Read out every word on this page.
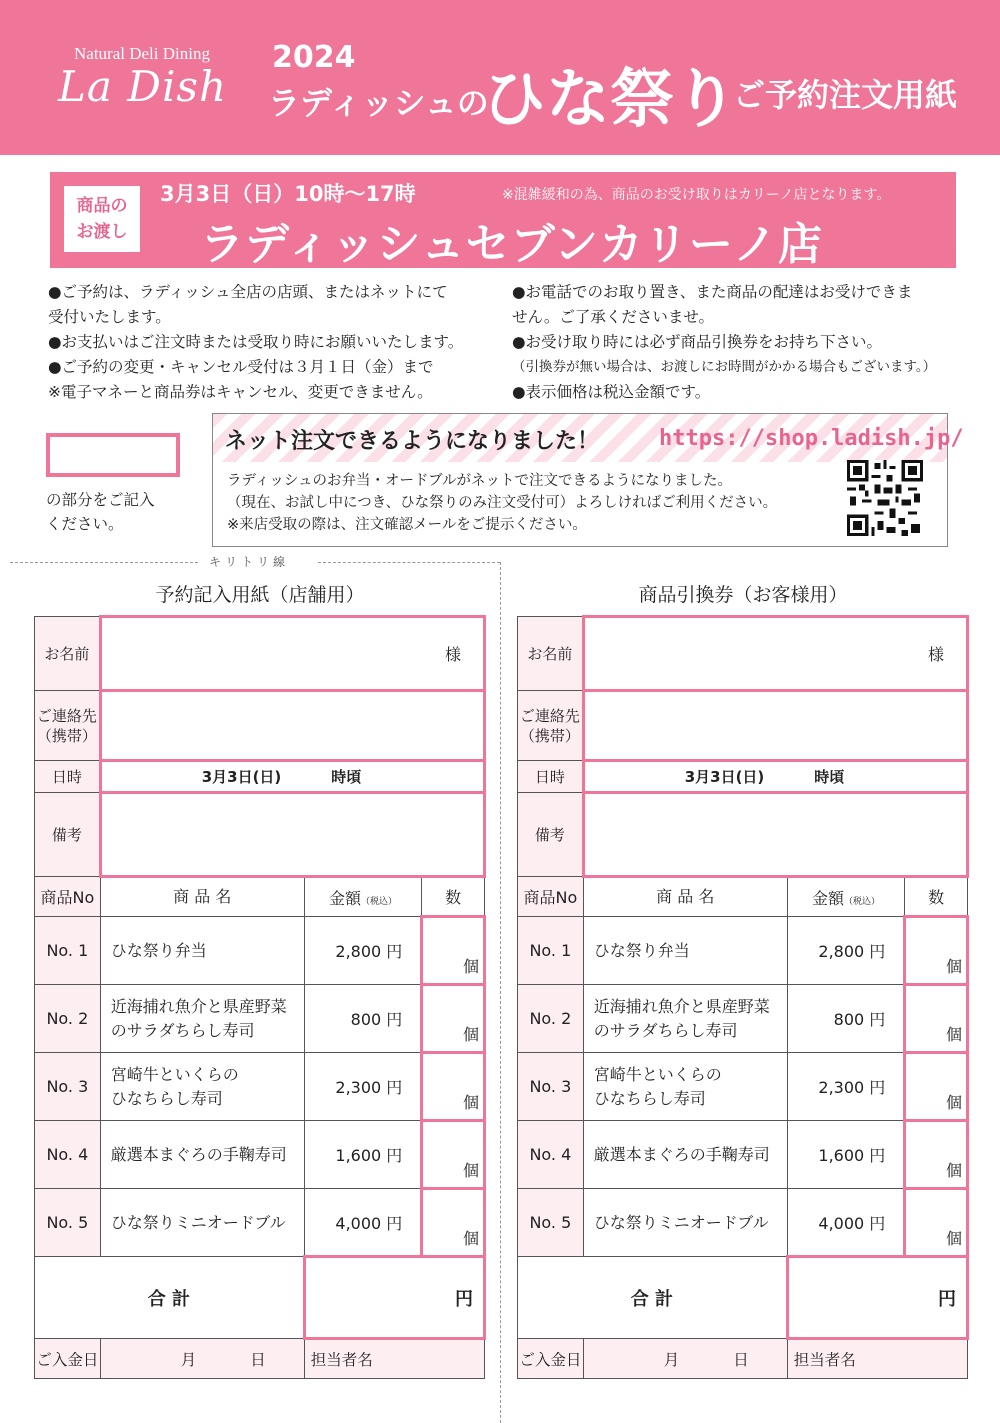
Natural Deli Dining
La Dish
2024
ラディッシュの
ひな祭り
ご予約注文用紙
商品の
お渡し
3月3日（日）10時～17時	※混雑緩和の為、商品のお受け取りはカリーノ店となります。
ラディッシュセブンカリーノ店
●ご予約は、ラディッシュ全店の店頭、またはネットにて
受付いたします。
●お支払いはご注文時または受取り時にお願いいたします。
●ご予約の変更・キャンセル受付は３月１日（金）まで
※電子マネーと商品券はキャンセル、変更できません。
●お電話でのお取り置き、また商品の配達はお受けできま
せん。ご了承くださいませ。
●お受け取り時には必ず商品引換券をお持ち下さい。
（引換券が無い場合は、お渡しにお時間がかかる場合もございます。）
●表示価格は税込金額です。
の部分をご記入
ください。
ネット注文できるようになりました！	https://shop.ladish.jp/
ラディッシュのお弁当・オードブルがネットで注文できるようになりました。
（現在、お試し中につき、ひな祭りのみ注文受付可）よろしければご利用ください。
※来店受取の際は、注文確認メールをご提示ください。
キリトリ線
予約記入用紙（店舗用）
お名前	様		

ご連絡先
（携帯）			

日時	3月3日(日) 時頃		
備考			
商品No	商 品 名	金額（税込）	数
No. 1	ひな祭り弁当	2,800 円	個
No. 2	近海捕れ魚介と県産野菜
のサラダちらし寿司	800 円	個
No. 3	宮崎牛といくらの
ひなちらし寿司	2,300 円	個
No. 4	厳選本まぐろの手鞠寿司	1,600 円	個
No. 5	ひな祭りミニオードブル	4,000 円	個
合 計		円	
ご入金日	月 日	担当者名	
商品引換券（お客様用）
お名前	様		

ご連絡先
（携帯）			

日時	3月3日(日) 時頃		
備考			
商品No	商 品 名	金額（税込）	数
No. 1	ひな祭り弁当	2,800 円	個
No. 2	近海捕れ魚介と県産野菜
のサラダちらし寿司	800 円	個
No. 3	宮崎牛といくらの
ひなちらし寿司	2,300 円	個
No. 4	厳選本まぐろの手鞠寿司	1,600 円	個
No. 5	ひな祭りミニオードブル	4,000 円	個
合 計		円	
ご入金日	月 日	担当者名	
